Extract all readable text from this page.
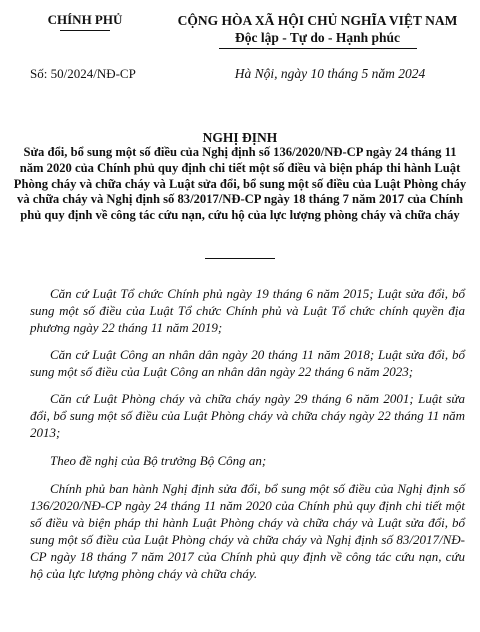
CHÍNH PHỦ	CỘNG HÒA XÃ HỘI CHỦ NGHĨA VIỆT NAM
Độc lập - Tự do - Hạnh phúc
Số: 50/2024/NĐ-CP	Hà Nội, ngày 10 tháng 5 năm 2024
NGHỊ ĐỊNH
Sửa đổi, bổ sung một số điều của Nghị định số 136/2020/NĐ-CP ngày 24 tháng 11 năm 2020 của Chính phủ quy định chi tiết một số điều và biện pháp thi hành Luật Phòng cháy và chữa cháy và Luật sửa đổi, bổ sung một số điều của Luật Phòng cháy và chữa cháy và Nghị định số 83/2017/NĐ-CP ngày 18 tháng 7 năm 2017 của Chính phủ quy định về công tác cứu nạn, cứu hộ của lực lượng phòng cháy và chữa cháy

Căn cứ Luật Tổ chức Chính phủ ngày 19 tháng 6 năm 2015; Luật sửa đổi, bổ sung một số điều của Luật Tổ chức Chính phủ và Luật Tổ chức chính quyền địa phương ngày 22 tháng 11 năm 2019;

Căn cứ Luật Công an nhân dân ngày 20 tháng 11 năm 2018; Luật sửa đổi, bổ sung một số điều của Luật Công an nhân dân ngày 22 tháng 6 năm 2023;

Căn cứ Luật Phòng cháy và chữa cháy ngày 29 tháng 6 năm 2001; Luật sửa đổi, bổ sung một số điều của Luật Phòng cháy và chữa cháy ngày 22 tháng 11 năm 2013;

Theo đề nghị của Bộ trưởng Bộ Công an;

Chính phủ ban hành Nghị định sửa đổi, bổ sung một số điều của Nghị định số 136/2020/NĐ-CP ngày 24 tháng 11 năm 2020 của Chính phủ quy định chi tiết một số điều và biện pháp thi hành Luật Phòng cháy và chữa cháy và Luật sửa đổi, bổ sung một số điều của Luật Phòng cháy và chữa cháy và Nghị định số 83/2017/NĐ-CP ngày 18 tháng 7 năm 2017 của Chính phủ quy định về công tác cứu nạn, cứu hộ của lực lượng phòng cháy và chữa cháy.
